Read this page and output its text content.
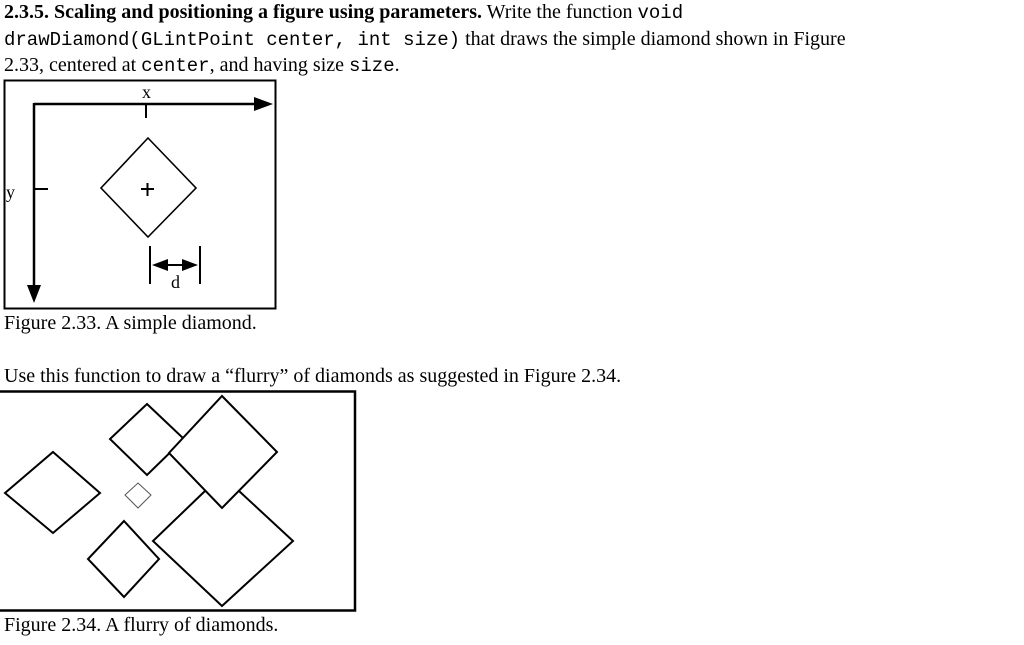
2.3.5. Scaling and positioning a figure using parameters. Write the function void
drawDiamond(GLintPoint center, int size) that draws the simple diamond shown in Figure
2.33, centered at center, and having size size.
x
y
d
Figure 2.33. A simple diamond.
Use this function to draw a “flurry” of diamonds as suggested in Figure 2.34.
Figure 2.34. A flurry of diamonds.
